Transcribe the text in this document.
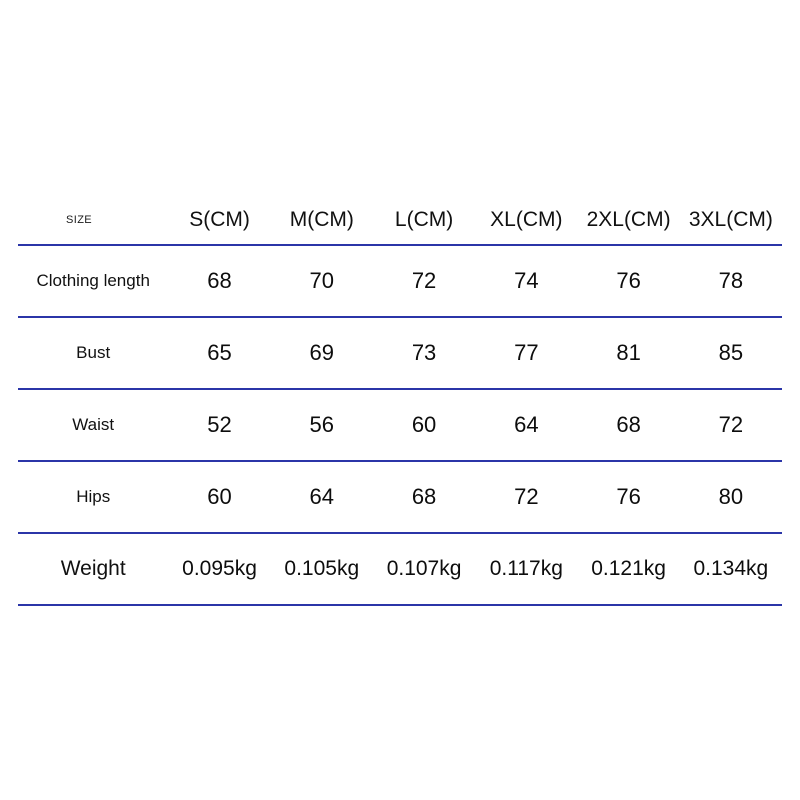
SIZE	S(CM)	M(CM)	L(CM)	XL(CM)	2XL(CM)	3XL(CM)
Clothing length	68	70	72	74	76	78
Bust	65	69	73	77	81	85
Waist	52	56	60	64	68	72
Hips	60	64	68	72	76	80
Weight	0.095kg	0.105kg	0.107kg	0.117kg	0.121kg	0.134kg
